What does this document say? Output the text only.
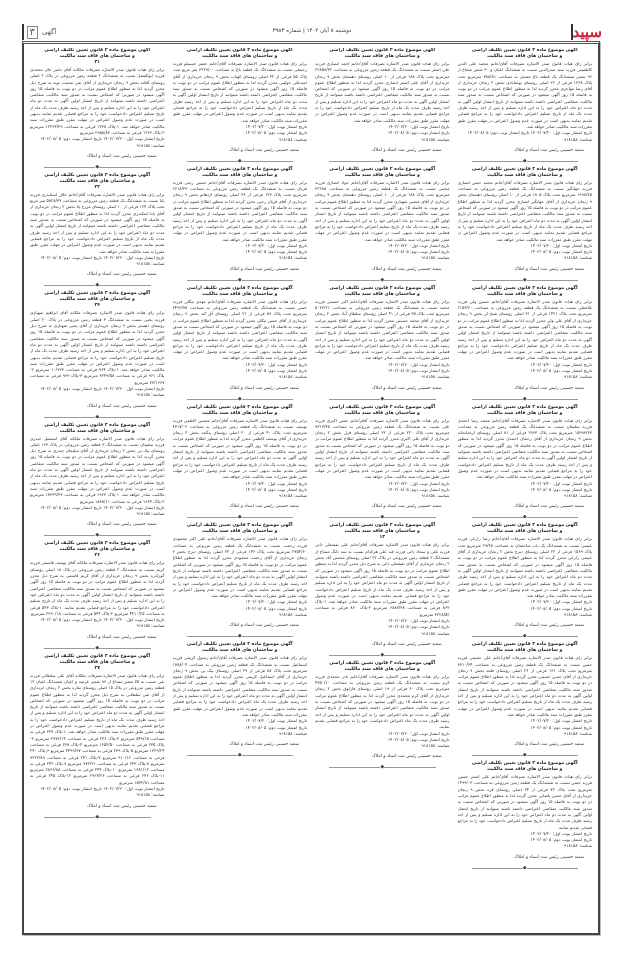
سپید
دوشنبه ۸ آبان ۱۴۰۲ | شماره ۳۹۸۳
۳	آگهی
آگهی موضوع ماده ۳ قانون تعیین تکلیف اراضی
و ساختمان های فاقد سند مالکیت
برابر رای هیات قانون صدر الاشاره تصرفات آقای/خانم محمد علی الدین کاظمینی فرزند سید صدرالدین نسبت به ششدانگ اعیان و ۳۰ شعیر مشاع از ۹۶ شعیر ششدانگ یک قطعه باغ مشجر به مساحت ۷۸۸/۸۱ مترمربع تحت پلاک ۱۲۳۸ فرعی از ۲۲ اصلی روستای نوشابادی بخش ۲ زنجان خریداری از آقای رضا مهاجری محرز گردید لذا به منظور اطلاع عموم مراتب در دو نوبت به فاصله ۱۵ روز آگهی میشود در صورتی که اشخاص نسبت به صدور سند مالکیت متقاضی اعتراضی داشته باشند میتوانند از تاریخ انتشار اولین آگهی به مدت دو ماه اعتراض خود را به این اداره تسلیم و پس از اخذ رسید ظرف مدت یک ماه از تاریخ تسلیم اعتراض دادخواست خود را به مراجع قضایی تقدیم نمایند بدیهی است در صورت عدم وصول اعتراض در مهلت مقرر طبق مقررات سند مالکیت صادر خواهد شد.
تاریخ انتشار نوبت اول: ۱۴۰۲/۰۷/۲۰ تاریخ انتشار نوبت دوم: ۱۴۰۲/۰۸/۰۵
شناسه: ۹۱۸۱۵۸
سعید حسینی رئیس ثبت اسناد و املاک
◆
آگهی موضوع ماده ۳ قانون تعیین تکلیف اراضی
و ساختمان های فاقد سند مالکیت
برابر رای هیات قانون صدر الاشاره تصرفات آقای/خانم محمد حسن انصاری فرزند جهانگیر نسبت به ششدانگ یک قطعه زمین مزروعی به مساحت ۱۹۹۸/۳۵ مترمربع تحت پلاک ۱۸۰۵ فرعی از ۱۰ اصلی روستای دهستان بخش ۹ زنجان خریداری از آقای جهانگیر انصاری محرز گردید لذا به منظور اطلاع عموم مراتب در دو نوبت به فاصله ۱۵ روز آگهی میشود در صورتی که اشخاص نسبت به صدور سند مالکیت متقاضی اعتراضی داشته باشند میتوانند از تاریخ انتشار اولین آگهی به مدت دو ماه اعتراض خود را به این اداره تسلیم و پس از اخذ رسید ظرف مدت یک ماه از تاریخ تسلیم اعتراض دادخواست خود را به مراجع قضایی تقدیم نمایند بدیهی است در صورت عدم وصول اعتراض در مهلت مقرر طبق مقررات سند مالکیت صادر خواهد شد.
تاریخ انتشار نوبت اول: ۱۴۰۲/۰۷/۲۰
تاریخ انتشار نوبت دوم: ۱۴۰۲/۰۸/۰۵
شناسه: ۹۱۸۱۵۸
سعید حسینی رئیس ثبت اسناد و املاک
◆
آگهی موضوع ماده ۳ قانون تعیین تکلیف اراضی
و ساختمان های فاقد سند مالکیت
برابر رای هیات قانون صدر الاشاره تصرفات آقای/خانم حسین ولی فرزند غلامعلی نسبت به ششدانگ یک قطعه زمین مزروعی به مساحت ۲۱۵۳/۶۰ مترمربع تحت پلاک ۱۴۲۱ فرعی از ۳۱ اصلی روستای شیخ لر بخش ۹ زنجان خریداری از آقای علی ولی محرز گردید لذا به منظور اطلاع عموم مراتب در دو نوبت به فاصله ۱۵ روز آگهی میشود در صورتی که اشخاص نسبت به صدور سند مالکیت متقاضی اعتراضی داشته باشند میتوانند از تاریخ انتشار اولین آگهی به مدت دو ماه اعتراض خود را به این اداره تسلیم و پس از اخذ رسید ظرف مدت یک ماه از تاریخ تسلیم اعتراض دادخواست خود را به مراجع قضایی تقدیم نمایند بدیهی است در صورت عدم وصول اعتراض در مهلت مقرر طبق مقررات سند مالکیت صادر خواهد شد.
تاریخ انتشار نوبت اول: ۱۴۰۲/۰۷/۲۰
تاریخ انتشار نوبت دوم: ۱۴۰۲/۰۸/۰۵
شناسه: ۹۱۸۱۵۸
سعید حسینی رئیس ثبت اسناد و املاک
◆
آگهی موضوع ماده ۳ قانون تعیین تکلیف اراضی
و ساختمان های فاقد سند مالکیت
برابر رای هیات قانون صدر الاشاره تصرفات آقای/خانم محمد رضا احمدی فرزند سلیمان نسبت به ششدانگ یک قطعه زمین مزروعی به مساحت ۱۵۹۹۳/۶۳ مترمربع تحت پلاک ۲۹۶۳ فرعی از ۸۱ اصلی روستای ارمغانخانه بخش ۹ زنجان خریداری از آقای رحمان احمدی محرز گردید لذا به منظور اطلاع عموم مراتب در دو نوبت به فاصله ۱۵ روز آگهی میشود در صورتی که اشخاص نسبت به صدور سند مالکیت متقاضی اعتراضی داشته باشند میتوانند از تاریخ انتشار اولین آگهی به مدت دو ماه اعتراض خود را به این اداره تسلیم و پس از اخذ رسید ظرف مدت یک ماه از تاریخ تسلیم اعتراض دادخواست خود را به مراجع قضایی تقدیم نمایند بدیهی است در صورت عدم وصول اعتراض در مهلت مقرر طبق مقررات سند مالکیت صادر خواهد شد.
تاریخ انتشار نوبت اول: ۱۴۰۲/۰۷/۲۰
تاریخ انتشار نوبت دوم: ۱۴۰۲/۰۸/۰۵
شناسه: ۹۱۸۱۵۸
سعید حسینی رئیس ثبت اسناد و املاک
◆
آگهی موضوع ماده ۳ قانون تعیین تکلیف اراضی
و ساختمان های فاقد سند مالکیت
برابر رای هیات قانون صدر الاشاره تصرفات آقای/خانم رضا زارعی فرزند عیسی نسبت به ششدانگ یک باب ساختمان به مساحت ۲۹/۴۸ مترمربع تحت پلاک ۱۵۶۹ فرعی از ۲۲ اصلی روستای دیزج بخش ۲ زنجان خریداری از آقای عیسی زارعی محرز گردید لذا به منظور اطلاع عموم مراتب در دو نوبت به فاصله ۱۵ روز آگهی میشود در صورتی که اشخاص نسبت به صدور سند مالکیت متقاضی اعتراضی داشته باشند میتوانند از تاریخ انتشار اولین آگهی به مدت دو ماه اعتراض خود را به این اداره تسلیم و پس از اخذ رسید ظرف مدت یک ماه از تاریخ تسلیم اعتراض دادخواست خود را به مراجع قضایی تقدیم نمایند بدیهی است در صورت عدم وصول اعتراض در مهلت مقرر طبق مقررات سند مالکیت صادر خواهد شد.
تاریخ انتشار نوبت اول: ۱۴۰۲/۰۷/۲۰
تاریخ انتشار نوبت دوم: ۱۴۰۲/۰۸/۰۵
شناسه: ۹۱۸۱۵۸
سعید حسینی رئیس ثبت اسناد و املاک
◆
آگهی موضوع ماده ۳ قانون تعیین تکلیف اراضی
و ساختمان های فاقد سند مالکیت
برابر رای هیات قانون صدر الاشاره تصرفات آقای/خانم علی حسینی فرزند حسن نسبت به ششدانگ یک قطعه زمین مزروعی به مساحت ۳۷۱۰/۶۴ مترمربع تحت پلاک ۱۳۱ فرعی از ۲۶ اصلی روستای قلعه بخش ۹ زنجان خریداری از آقای حسن حسینی محرز گردید لذا به منظور اطلاع عموم مراتب در دو نوبت به فاصله ۱۵ روز آگهی میشود در صورتی که اشخاص نسبت به صدور سند مالکیت متقاضی اعتراضی داشته باشند میتوانند از تاریخ انتشار اولین آگهی به مدت دو ماه اعتراض خود را به این اداره تسلیم و پس از اخذ رسید ظرف مدت یک ماه از تاریخ تسلیم اعتراض دادخواست خود را به مراجع قضایی تقدیم نمایند بدیهی است در صورت عدم وصول اعتراض در مهلت مقرر طبق مقررات سند مالکیت صادر خواهد شد.
تاریخ انتشار نوبت اول: ۱۴۰۲/۰۷/۲۰
تاریخ انتشار نوبت دوم: ۱۴۰۲/۰۸/۰۵
شناسه: ۹۱۸۱۵۸
سعید حسینی رئیس ثبت اسناد و املاک
◆
آگهی موضوع ماده ۳ قانون تعیین تکلیف اراضی
و ساختمان های فاقد سند مالکیت
برابر رای هیات قانون صدر الاشاره تصرفات آقای/خانم علی اصغر حسین فرزند حسن نسبت به ششدانگ یک قطعه زمین مزروعی به مساحت ۱۴۹۹/۰۳ مترمربع تحت پلاک ۷۲ فرعی از ۳۴ اصلی روستای قره بخش ۹ زنجان خریداری از آقای حسن پاشایی محرز گردید لذا به منظور اطلاع عموم مراتب در دو نوبت به فاصله ۱۵ روز آگهی میشود در صورتی که اشخاص نسبت به صدور سند مالکیت متقاضی اعتراضی داشته باشند میتوانند از تاریخ انتشار اولین آگهی به مدت دو ماه اعتراض خود را به این اداره تسلیم و پس از اخذ رسید ظرف مدت یک ماه از تاریخ تسلیم اعتراض دادخواست خود را به مراجع قضایی تقدیم نمایند.
تاریخ انتشار نوبت اول: ۱۴۰۲/۰۷/۲۰
تاریخ انتشار نوبت دوم: ۱۴۰۲/۰۸/۰۵
شناسه: ۹۱۸۱۵۸
سعید حسینی رئیس ثبت اسناد و املاک
◆
آگهی موضوع ماده ۳ قانون تعیین تکلیف اراضی
و ساختمان های فاقد سند مالکیت
برابر رای هیات قانون صدر الاشاره تصرفات آقای/خانم احمد انصاری فرزند علی اصغر نسبت به ششدانگ یک قطعه زمین مزروعی به مساحت ۲۲۸۵۹/۳۲ مترمربع تحت پلاک ۱۸۸ فرعی از ۱۰ اصلی روستای دهستان بخش ۹ زنجان خریداری از آقای علی اصغر انصاری محرز گردید لذا به منظور اطلاع عموم مراتب در دو نوبت به فاصله ۱۵ روز آگهی میشود در صورتی که اشخاص نسبت به صدور سند مالکیت متقاضی اعتراضی داشته باشند میتوانند از تاریخ انتشار اولین آگهی به مدت دو ماه اعتراض خود را به این اداره تسلیم و پس از اخذ رسید ظرف مدت یک ماه از تاریخ تسلیم اعتراض دادخواست خود را به مراجع قضایی تقدیم نمایند بدیهی است در صورت عدم وصول اعتراض در مهلت مقرر طبق مقررات سند مالکیت صادر خواهد شد.
تاریخ انتشار نوبت اول: ۱۴۰۲/۰۷/۲۰
تاریخ انتشار نوبت دوم: ۱۴۰۲/۰۸/۰۵
شناسه: ۹۱۸۱۵۸
سعید حسینی رئیس ثبت اسناد و املاک
◆
آگهی موضوع ماده ۳ قانون تعیین تکلیف اراضی
و ساختمان های فاقد سند مالکیت
برابر رای هیات قانون صدر الاشاره تصرفات آقای/خانم جواد انصاری فرزند مجتبی نسبت به ششدانگ یک قطعه زمین مزروعی به مساحت ۳۲۲۸۸ مترمربع تحت پلاک ۱۸۸ فرعی از ۱۰ اصلی روستای دهستان بخش ۹ زنجان خریداری از آقای مجتبی شهبازی محرز گردید لذا به منظور اطلاع عموم مراتب در دو نوبت به فاصله ۱۵ روز آگهی میشود در صورتی که اشخاص نسبت به صدور سند مالکیت متقاضی اعتراضی داشته باشند میتوانند از تاریخ انتشار اولین آگهی به مدت دو ماه اعتراض خود را به این اداره تسلیم و پس از اخذ رسید ظرف مدت یک ماه از تاریخ تسلیم اعتراض دادخواست خود را به مراجع قضایی تقدیم نمایند بدیهی است در صورت عدم وصول اعتراض در مهلت مقرر طبق مقررات سند مالکیت صادر خواهد شد.
تاریخ انتشار نوبت اول: ۱۴۰۲/۰۷/۲۰
تاریخ انتشار نوبت دوم: ۱۴۰۲/۰۸/۰۵
شناسه: ۹۱۸۱۵۸
سعید حسینی رئیس ثبت اسناد و املاک
◆
آگهی موضوع ماده ۳ قانون تعیین تکلیف اراضی
و ساختمان های فاقد سند مالکیت
برابر رای هیات قانون صدر الاشاره تصرفات آقای/خانم اکبر حسینی فرزند محمد نسبت به ششدانگ یک قطعه زمین مزروعی به مساحت ۵۰۷۳/۲۱ مترمربع تحت پلاک ۳۵ فرعی از ۴۱ اصلی روستای سلطان آباد بخش ۲ زنجان خریداری از آقای محمد حسینی محرز گردید لذا به منظور اطلاع عموم مراتب در دو نوبت به فاصله ۱۵ روز آگهی میشود در صورتی که اشخاص نسبت به صدور سند مالکیت متقاضی اعتراضی داشته باشند میتوانند از تاریخ انتشار اولین آگهی به مدت دو ماه اعتراض خود را به این اداره تسلیم و پس از اخذ رسید ظرف مدت یک ماه از تاریخ تسلیم اعتراض دادخواست خود را به مراجع قضایی تقدیم نمایند بدیهی است در صورت عدم وصول اعتراض در مهلت مقرر طبق مقررات سند مالکیت صادر خواهد شد.
تاریخ انتشار نوبت اول: ۱۴۰۲/۰۷/۲۰
تاریخ انتشار نوبت دوم: ۱۴۰۲/۰۸/۰۵
شناسه: ۹۱۸۱۵۸
سعید حسینی رئیس ثبت اسناد و املاک
◆
آگهی موضوع ماده ۳ قانون تعیین تکلیف اراضی
و ساختمان های فاقد سند مالکیت
برابر رای هیات قانون صدر الاشاره تصرفات آقای/خانم حسن اکبری فرزند علی نسبت به ششدانگ یک قطعه زمین مزروعی به مساحت ۹۳۱۳/۴۵ مترمربع تحت پلاک ۲۲۰ فرعی از ۳۲ اصلی روستای قزل بخش ۲ زنجان خریداری از آقای علی اکبری محرز گردید لذا به منظور اطلاع عموم مراتب در دو نوبت به فاصله ۱۵ روز آگهی میشود در صورتی که اشخاص نسبت به صدور سند مالکیت متقاضی اعتراضی داشته باشند میتوانند از تاریخ انتشار اولین آگهی به مدت دو ماه اعتراض خود را به این اداره تسلیم و پس از اخذ رسید ظرف مدت یک ماه از تاریخ تسلیم اعتراض دادخواست خود را به مراجع قضایی تقدیم نمایند بدیهی است در صورت عدم وصول اعتراض در مهلت مقرر طبق مقررات سند مالکیت صادر خواهد شد.
تاریخ انتشار نوبت اول: ۱۴۰۲/۰۷/۲۰
تاریخ انتشار نوبت دوم: ۱۴۰۲/۰۸/۰۵
شناسه: ۹۱۸۱۵۸
سعید حسینی رئیس ثبت اسناد و املاک
◆
آگهی موضوع ماده ۳ قانون تعیین تکلیف اراضی
و ساختمان های فاقد سند مالکیت
۱۳
برابر رای هیات قانون صدر الاشاره تصرفات آقای/خانم علی نقشعلی دائی فرزند علی و سجاد دائی فرزند قند علی هرکدام نسبت به سه دانگ مشاع از ششدانگ ۲ قطعه زمین مزروعی در پلاک ۲۲ اصلی روستای محسن آباد بخش ۲ زنجان خریداری از آقای نقشعلی دائی به شرح ذیل محرز گردید لذا به منظور اطلاع عموم مراتب در دو نوبت به فاصله ۱۵ روز آگهی میشود در صورتی که اشخاص نسبت به صدور سند مالکیت متقاضی اعتراضی داشته باشند میتوانند از تاریخ انتشار اولین آگهی به مدت دو ماه اعتراض خود را به این اداره تسلیم و پس از اخذ رسید ظرف مدت یک ماه از تاریخ تسلیم اعتراض دادخواست خود را به مراجع قضایی تقدیم نمایند بدیهی است در صورت عدم وصول اعتراض در مهلت مقرر طبق مقررات سند مالکیت صادر خواهد شد. ۱-پلاک ۸۶۲ فرعی به مساحت ۶۸۸۷/۳۸ مترمربع ۲-پلاک ۸۶۰ فرعی به مساحت ۳۲۲۸/۵۲ مترمربع
تاریخ انتشار نوبت اول: ۱۴۰۲/۰۷/۲۰
تاریخ انتشار نوبت دوم: ۱۴۰۲/۰۸/۰۵
شناسه: ۹۱۸۱۵۸
سعید حسینی رئیس ثبت اسناد و املاک
◆
آگهی موضوع ماده ۳ قانون تعیین تکلیف اراضی
و ساختمان های فاقد سند مالکیت
برابر رای هیات قانون صدر الاشاره تصرفات آقای/خانم نادر محمدی فرزند کرم نسبت به ششدانگ یک قطعه زمین مزروعی به مساحت ۴۳۵۰/۱۰ مترمربع تحت پلاک ۶۰ فرعی از ۱۹ اصلی روستای قارلوق بخش ۲ زنجان خریداری از آقای کرم محمدی محرز گردید لذا به منظور اطلاع عموم مراتب در دو نوبت به فاصله ۱۵ روز آگهی میشود در صورتی که اشخاص نسبت به صدور سند مالکیت متقاضی اعتراضی داشته باشند میتوانند از تاریخ انتشار اولین آگهی به مدت دو ماه اعتراض خود را به این اداره تسلیم و پس از اخذ رسید ظرف مدت یک ماه اعتراض دادخواست خود را به مراجع قضایی تقدیم نمایند.
تاریخ انتشار نوبت اول: ۱۴۰۲/۰۷/۲۰
تاریخ انتشار نوبت دوم: ۱۴۰۲/۰۸/۰۵
شناسه: ۹۱۸۱۵۸
سعید حسینی رئیس ثبت اسناد و املاک
◆
آگهی موضوع ماده ۳ قانون تعیین تکلیف اراضی
و ساختمان های فاقد سند مالکیت
برابر رای هیات قانون صدر الاشاره تصرفات آقای/خانم جعفر حسینلو فرزند رجبعلی نسبت به ششدانگ یک قطعه باغ به مساحت ۳۲۲۹/۰۰ متر مربع تحت پلاک ۵۵ فرعی از ۳۲ اصلی روستای کهناب بخش ۹ زنجان خریداری از آقای امیدعلی خولینی محرز گردید لذا به منظور اطلاع عموم مراتب در دو نوبت به فاصله ۱۵ روز آگهی میشود در صورتی که اشخاص نسبت به صدور سند مالکیت متقاضی اعتراضی داشته باشند میتوانند از تاریخ انتشار اولین آگهی به مدت دو ماه اعتراض خود را به این اداره تسلیم و پس از اخذ رسید ظرف مدت یک ماه از تاریخ تسلیم اعتراض دادخواست خود را به مراجع قضایی تقدیم نمایند بدیهی است در صورت عدم وصول اعتراض در مهلت مقرر طبق مقررات سند مالکیت صادر خواهد شد.
تاریخ انتشار نوبت اول: ۱۴۰۲/۰۷/۲۰
تاریخ انتشار نوبت دوم: ۱۴۰۲/۰۸/۰۵
شناسه: ۹۱۸۱۵۸
سعید حسینی رئیس ثبت اسناد و املاک
◆
آگهی موضوع ماده ۳ قانون تعیین تکلیف اراضی
و ساختمان های فاقد سند مالکیت
برابر رای هیات قانون صدر الاشاره تصرفات آقای/خانم حسین رجبی فرزند قربان نسبت به ششدانگ یک قطعه زمین مزروعی به مساحت ۲۶۱۸/۲۳ مترمربع تحت پلاک ۱۲۳ فرعی از ۳۶ اصلی روستای اژدهاتو بخش ۹ زنجان خریداری از آقای قربان رجبی محرز گردید لذا به منظور اطلاع عموم مراتب در دو نوبت به فاصله ۱۵ روز آگهی میشود در صورتی که اشخاص نسبت به صدور سند مالکیت متقاضی اعتراضی داشته باشند میتوانند از تاریخ انتشار اولین آگهی به مدت دو ماه اعتراض خود را به این اداره تسلیم و پس از اخذ رسید ظرف مدت یک ماه از تاریخ تسلیم اعتراض دادخواست خود را به مراجع قضایی تقدیم نمایند بدیهی است در صورت عدم وصول اعتراض در مهلت مقرر طبق مقررات سند مالکیت صادر خواهد شد.
تاریخ انتشار نوبت اول: ۱۴۰۲/۰۷/۲۰
تاریخ انتشار نوبت دوم: ۱۴۰۲/۰۸/۰۵
شناسه: ۹۱۸۱۵۸
سعید حسینی رئیس ثبت اسناد و املاک
◆
آگهی موضوع ماده ۳ قانون تعیین تکلیف اراضی
و ساختمان های فاقد سند مالکیت
برابر رای هیات قانون صدر الاشاره تصرفات آقای/خانم مهدی بیگلی فرزند حسن نسبت به ششدانگ یک قطعه زمین مزروعی به مساحت ۶۴۹۲/۷۸ مترمربع تحت پلاک ۸۹ فرعی از ۲۱ اصلی روستای آق کند بخش ۹ زنجان خریداری از آقای حسن بیگلی محرز گردید لذا به منظور اطلاع عموم مراتب در دو نوبت به فاصله ۱۵ روز آگهی میشود در صورتی که اشخاص نسبت به صدور سند مالکیت متقاضی اعتراضی داشته باشند میتوانند از تاریخ انتشار اولین آگهی به مدت دو ماه اعتراض خود را به این اداره تسلیم و پس از اخذ رسید ظرف مدت یک ماه از تاریخ تسلیم اعتراض دادخواست خود را به مراجع قضایی تقدیم نمایند بدیهی است در صورت عدم وصول اعتراض در مهلت مقرر طبق مقررات سند مالکیت صادر خواهد شد.
تاریخ انتشار نوبت اول: ۱۴۰۲/۰۷/۲۰
تاریخ انتشار نوبت دوم: ۱۴۰۲/۰۸/۰۵
شناسه: ۹۱۸۱۵۸
سعید حسینی رئیس ثبت اسناد و املاک
◆
آگهی موضوع ماده ۳ قانون تعیین تکلیف اراضی
و ساختمان های فاقد سند مالکیت
برابر رای هیات قانون صدر الاشاره تصرفات آقای/خانم محسن کاظمی فرزند یوسف نسبت به ششدانگ یک قطعه زمین مزروعی به مساحت ۴۷۱۷/۰۲ مترمربع تحت پلاک ۴۰ فرعی از ۲۰ اصلی روستای ینگجه بخش ۲ زنجان خریداری از آقای یوسف کاظمی محرز گردید لذا به منظور اطلاع عموم مراتب در دو نوبت به فاصله ۱۵ روز آگهی میشود در صورتی که اشخاص نسبت به صدور سند مالکیت متقاضی اعتراضی داشته باشند میتوانند از تاریخ انتشار اولین آگهی به مدت دو ماه اعتراض خود را به این اداره تسلیم و پس از اخذ رسید ظرف مدت یک ماه از تاریخ تسلیم اعتراض دادخواست خود را به مراجع قضایی تقدیم نمایند بدیهی است در صورت عدم وصول اعتراض در مهلت مقرر طبق مقررات سند مالکیت صادر خواهد شد.
تاریخ انتشار نوبت اول: ۱۴۰۲/۰۷/۲۰
تاریخ انتشار نوبت دوم: ۱۴۰۲/۰۸/۰۵
شناسه: ۹۱۸۱۵۸
سعید حسینی رئیس ثبت اسناد و املاک
◆
آگهی موضوع ماده ۳ قانون تعیین تکلیف اراضی
و ساختمان های فاقد سند مالکیت
برابر رای هیات قانون صدر الاشاره تصرفات آقای/خانم علی اکبر محمودی فرزند رحمت نسبت به ششدانگ یک قطعه زمین مزروعی به مساحت ۲۷۵۴/۶۰ مترمربع تحت پلاک ۱۴۶ فرعی از ۲۴ اصلی روستای دیزج بخش ۲ زنجان خریداری از آقای رحمت محمودی محرز گردید لذا به منظور اطلاع عموم مراتب در دو نوبت به فاصله ۱۵ روز آگهی میشود در صورتی که اشخاص نسبت به صدور سند مالکیت متقاضی اعتراضی داشته باشند میتوانند از تاریخ انتشار اولین آگهی به مدت دو ماه اعتراض خود را به این اداره تسلیم و پس از اخذ رسید ظرف مدت یک ماه از تاریخ تسلیم اعتراض دادخواست خود را به مراجع قضایی تقدیم نمایند بدیهی است در صورت عدم وصول اعتراض در مهلت مقرر طبق مقررات سند مالکیت صادر خواهد شد.
تاریخ انتشار نوبت اول: ۱۴۰۲/۰۷/۲۰
تاریخ انتشار نوبت دوم: ۱۴۰۲/۰۸/۰۵
شناسه: ۹۱۸۱۵۸
سعید حسینی رئیس ثبت اسناد و املاک
◆
آگهی موضوع ماده ۳ قانون تعیین تکلیف اراضی
و ساختمان های فاقد سند مالکیت
برابر رای هیات قانون صدر الاشاره تصرفات آقای/خانم رسول کریمی فرزند اسماعیل نسبت به ششدانگ یک قطعه زمین مزروعی به مساحت ۱۸۷۸/۰۴ مترمربع تحت پلاک ۸۸ فرعی از ۲۹ اصلی روستای نیک پی بخش ۹ زنجان خریداری از آقای اسماعیل کریمی محرز گردید لذا به منظور اطلاع عموم مراتب در دو نوبت به فاصله ۱۵ روز آگهی میشود در صورتی که اشخاص نسبت به صدور سند مالکیت متقاضی اعتراضی داشته باشند میتوانند از تاریخ انتشار اولین آگهی به مدت دو ماه اعتراض خود را به این اداره تسلیم و پس از اخذ رسید ظرف مدت یک ماه اعتراض دادخواست خود را به مراجع قضایی تقدیم نمایند بدیهی است در صورت عدم وصول اعتراض در مهلت مقرر طبق مقررات سند مالکیت صادر خواهد شد.
تاریخ انتشار نوبت اول: ۱۴۰۲/۰۷/۲۰
تاریخ انتشار نوبت دوم: ۱۴۰۲/۰۸/۰۵
شناسه: ۹۱۸۱۵۸
سعید حسینی رئیس ثبت اسناد و املاک
◆
آگهی موضوع ماده ۳ قانون تعیین تکلیف اراضی
و ساختمان های فاقد سند مالکیت
۳۱
برابر رای هیات قانون صدر الاشاره تصرفات ملکانه آقای ناصر خان محمدی فرزند ابوالفضل نسبت به ششدانگ ۲ قطعه زمین مزروعی در پلاک ۲ اصلی روستای آقکند بخش ۹ زنجان خریداری از آقای تقی صحبت توبه به شرح ذیل محرز گردید لذا به منظور اطلاع عموم مراتب در دو نوبت به فاصله ۱۵ روز آگهی میشود در صورتی که اشخاص نسبت به صدور سند مالکیت متقاضی اعتراضی داشته باشند میتوانند از تاریخ انتشار اولین آگهی به مدت دو ماه اعتراض خود را به این اداره تسلیم و پس از اخذ رسید ظرف مدت یک ماه از تاریخ تسلیم اعتراض دادخواست خود را به مراجع قضایی تقدیم نمایند بدیهی است در صورت عدم وصول اعتراض در مهلت مقرر طبق مقررات سند مالکیت صادر خواهد شد. ۱-پلاک ۱۲۳۸ فرعی به مساحت ۱۲۲۳۳/۲۹ مترمربع ۲-پلاک ۱۲۳۶ فرعی به مساحت ۲۹۵۸/۸۲ مترمربع
تاریخ انتشار نوبت اول: ۱۴۰۲/۰۷/۲۰ تاریخ انتشار نوبت دوم: ۱۴۰۲/۰۸/۰۵
شناسه: ۹۱۸۱۵۸
سعید حسینی رئیس ثبت اسناد و املاک
◆
آگهی موضوع ماده ۳ قانون تعیین تکلیف اراضی
و ساختمان های فاقد سند مالکیت
۲۲
برابر رای هیات قانون صدر الاشاره تصرفات آقای/خانم جلال اسکندری فرزند بابا نسبت به ششدانگ یک قطعه زمین مزروعی به مساحت ۵۸۲۸/۳۷ متر مربع تحت پلاک ۱۶۴ فرعی از ۱۰ اصلی روستای مرزج پلا بخش ۲ زنجان خریداری از آقای بابا اسکندری محرز گردید لذا به منظور اطلاع عموم مراتب در دو نوبت به فاصله ۱۵ روز آگهی میشود در صورتی که اشخاص نسبت به صدور سند مالکیت متقاضی اعتراضی داشته باشند میتوانند از تاریخ انتشار اولین آگهی به مدت دو ماه اعتراض خود را به این اداره تسلیم و پس از اخذ رسید ظرف مدت یک ماه از تاریخ تسلیم اعتراض دادخواست خود را به مراجع قضایی تقدیم نمایند بدیهی است در صورت عدم وصول اعتراض در مهلت مقرر طبق مقررات سند مالکیت صادر خواهد شد.
تاریخ انتشار نوبت اول: ۱۴۰۲/۰۷/۲۰ تاریخ انتشار نوبت دوم: ۱۴۰۲/۰۸/۰۵
شناسه: ۹۱۸۱۵۸
سعید حسینی رئیس ثبت اسناد و املاک
◆
آگهی موضوع ماده ۳ قانون تعیین تکلیف اراضی
و ساختمان های فاقد سند مالکیت
۲۴
برابر رای هیات قانون صدر الاشاره تصرفات ملکانه آقای ابراهیم شهبازی فرزند یحیی نسبت به ششدانگ ۳ قطعه زمین مزروعی در پلاک ۲۰ اصلی روستای دهستر بخش ۹ زنجان خریداری از آقای یحیی شهبازی به شرح ذیل محرز گردید لذا به منظور اطلاع عموم مراتب در دو نوبت به فاصله ۱۵ روز آگهی میشود در صورتی که اشخاص نسبت به صدور سند مالکیت متقاضی اعتراضی داشته باشند میتوانند از تاریخ انتشار اولین آگهی به مدت دو ماه اعتراض خود را به این اداره تسلیم و پس از اخذ رسید ظرف مدت یک ماه از تاریخ تسلیم اعتراض دادخواست خود را به مراجع قضایی تقدیم نمایند بدیهی است در صورت عدم وصول اعتراض در مهلت مقرر طبق مقررات سند مالکیت صادر خواهد شد. ۱-پلاک ۹۶۴ فرعی به مساحت ۱۰/۹۳۳ مترمربع ۲-پلاک ۹۶۱ فرعی به مساحت ۳۲۴۹/۵۸ مترمربع ۳-پلاک ۹۶۳ فرعی به مساحت ۷۷/۱۶۶۷ مترمربع
تاریخ انتشار نوبت اول: ۱۴۰۲/۰۷/۲۰ تاریخ انتشار نوبت دوم: ۱۴۰۲/۰۸/۰۵
شناسه: ۹۱۸۱۵۸
سعید حسینی رئیس ثبت اسناد و املاک
◆
آگهی موضوع ماده ۳ قانون تعیین تکلیف اراضی
و ساختمان های فاقد سند مالکیت
برابر رای هیات قانون صدر الاشاره تصرفات ملکانه آقای اسمعیل حیدری فرزند سلیمان نسبت به ششدانگ ۳ قطعه زمین مزروعی در پلاک ۱۶۳ اصلی روستای نیک پی بخش ۲ زنجان خریداری از آقای سلیمان حیدری به شرح ذیل محرز گردید لذا به منظور اطلاع عموم مراتب در دو نوبت به فاصله ۱۵ روز آگهی میشود در صورتی که اشخاص نسبت به صدور سند مالکیت متقاضی اعتراضی داشته باشند میتوانند از تاریخ انتشار اولین آگهی به مدت دو ماه اعتراض خود را به این اداره تسلیم و پس از اخذ رسید ظرف مدت یک ماه از تاریخ تسلیم اعتراض دادخواست خود را به مراجع قضایی تقدیم نمایند بدیهی است در صورت عدم وصول اعتراض در مهلت مقرر طبق مقررات سند مالکیت صادر خواهد شد. ۱-پلاک ۱۹۶۳ فرعی به مساحت ۱۷۳۳۹/۲۳ مترمربع ۲-پلاک ۱۹۶۴ فرعی به مساحت ۱۸۳۸/۱۱ مترمربع
تاریخ انتشار نوبت اول: ۱۴۰۲/۰۷/۲۰ تاریخ انتشار نوبت دوم: ۱۴۰۲/۰۸/۰۵
شناسه: ۹۱۸۱۵۸
سعید حسینی رئیس ثبت اسناد و املاک
◆
آگهی موضوع ماده ۳ قانون تعیین تکلیف اراضی
و ساختمان های فاقد سند مالکیت
۲۶
برابر رای هیات قانون صدر الاشاره تصرفات ملکانه آقای یوسف قاسمی فرزند کریم نسبت به ششدانگ ۲ قطعه زمین مزروعی در پلاک ۱۸ اصلی روستای گوزلدره بخش ۹ زنجان خریداری از آقای کریم قاسمی به شرح ذیل محرز گردید لذا به منظور اطلاع عموم مراتب در دو نوبت به فاصله ۱۵ روز آگهی میشود در صورتی که اشخاص نسبت به صدور سند مالکیت متقاضی اعتراضی داشته باشند میتوانند از تاریخ انتشار اولین آگهی به مدت دو ماه اعتراض خود را به این اداره تسلیم و پس از اخذ رسید ظرف مدت یک ماه از تاریخ تسلیم اعتراض دادخواست خود را به مراجع قضایی تقدیم نمایند. ۱-پلاک ۵۴۳ فرعی به مساحت ۴۴۱۰/۲۵ مترمربع ۲-پلاک ۵۴۴ فرعی به مساحت ۲۲۹۰/۱۸ مترمربع
تاریخ انتشار نوبت اول: ۱۴۰۲/۰۷/۲۰ تاریخ انتشار نوبت دوم: ۱۴۰۲/۰۸/۰۵
شناسه: ۹۱۸۱۵۸
سعید حسینی رئیس ثبت اسناد و املاک
◆
آگهی موضوع ماده ۳ قانون تعیین تکلیف اراضی
و ساختمان های فاقد سند مالکیت
۲۷
برابر رای هیات قانون صدر الاشاره تصرفات ملکانه آقای علی سلطانی فرزند نقی نسبت به ۷۵ شعیر مشاع از ۹۶ شعیر عرصه و اعیان ششدانگ اعیان ۱۲ قطعه زمین مزروعی در پلاک ۱۵ اصلی روستای نقاره بخش ۲ زنجان خریداری از آقای نقی سلطانی به شرح ذیل محرز گردید لذا به منظور اطلاع عموم مراتب در دو نوبت به فاصله ۱۵ روز آگهی میشود در صورتی که اشخاص نسبت به صدور سند مالکیت متقاضی اعتراضی داشته باشند میتوانند از تاریخ انتشار اولین آگهی به مدت دو ماه اعتراض خود را به این اداره تسلیم و پس از اخذ رسید ظرف مدت یک ماه از تاریخ تسلیم اعتراض دادخواست خود را به مراجع قضایی تقدیم نمایند بدیهی است در صورت عدم وصول اعتراض در مهلت مقرر طبق مقررات سند مالکیت صادر خواهد شد. ۱-پلاک ۲۳۷ فرعی به مساحت ۵۴۹/۱۵ مترمربع ۲-پلاک ۲۳۶ فرعی به مساحت ۲۹۷۳/۱۴ مترمربع ۳-پلاک ۲۳۵ فرعی به مساحت ۱۶۵۴/۵۰ مترمربع ۴-پلاک ۲۳۸ فرعی به مساحت ۱۳۲۹/۲۴ مترمربع ۵-پلاک ۲۳۹ فرعی به مساحت ۴۴۹۹/۳۷ مترمربع ۶-پلاک ۲۴۰ فرعی به مساحت ۹۱۰/۱۲ مترمربع ۷-پلاک ۲۴۱ فرعی به مساحت ۹۲۲۲/۸۹ مترمربع ۸-پلاک ۲۴۳ فرعی به مساحت ۹۷۲/۳۱ مترمربع ۹-پلاک ۲۴۲ فرعی به مساحت ۱۶۸۱/۱۲ مترمربع ۱۰-پلاک ۲۴۴ فرعی به مساحت ۲۸۶۶/۸۸ مترمربع ۱۱-پلاک ۲۴۶ فرعی به مساحت ۲۹۲۷/۲۶ مترمربع ۱۲-پلاک ۲۴۵ فرعی به مساحت ۱۵۳۲/۸۱ مترمربع
تاریخ انتشار نوبت اول: ۱۴۰۲/۰۷/۲۰ تاریخ انتشار نوبت دوم: ۱۴۰۲/۰۸/۰۵
شناسه: ۹۱۸۱۵۸
سعید حسینی رئیس ثبت اسناد و املاک
◆
